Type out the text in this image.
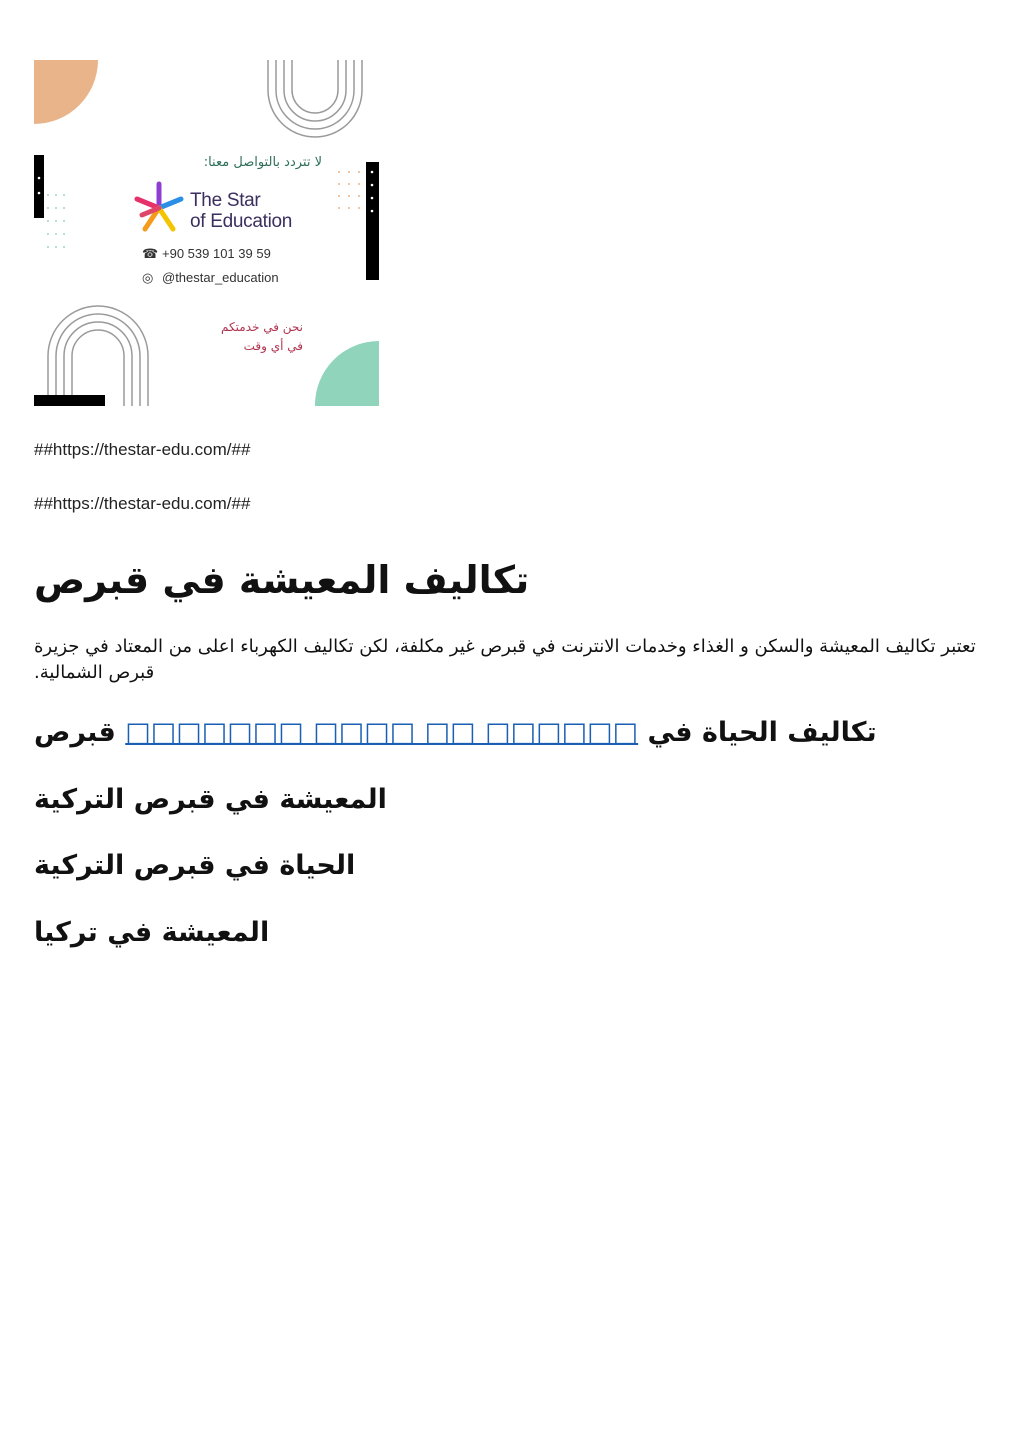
لا تتردد بالتواصل معنا:
The Star
of Education
☎ +90 539 101 39 59
◎ @thestar_education
نحن في خدمتكم
في أي وقت
##https://thestar-edu.com/##
##https://thestar-edu.com/##
تكاليف المعيشة في قبرص

تعتبر تكاليف المعيشة والسكن و الغذاء وخدمات الانترنت في قبرص غير مكلفة، لكن تكاليف الكهرباء اعلى من المعتاد في جزيرة قبرص الشمالية.

تكاليف الحياة في □□□□□□ □□ □□□□ □□□□□□□ قبرص
المعيشة في قبرص التركية
الحياة في قبرص التركية
المعيشة في تركيا
